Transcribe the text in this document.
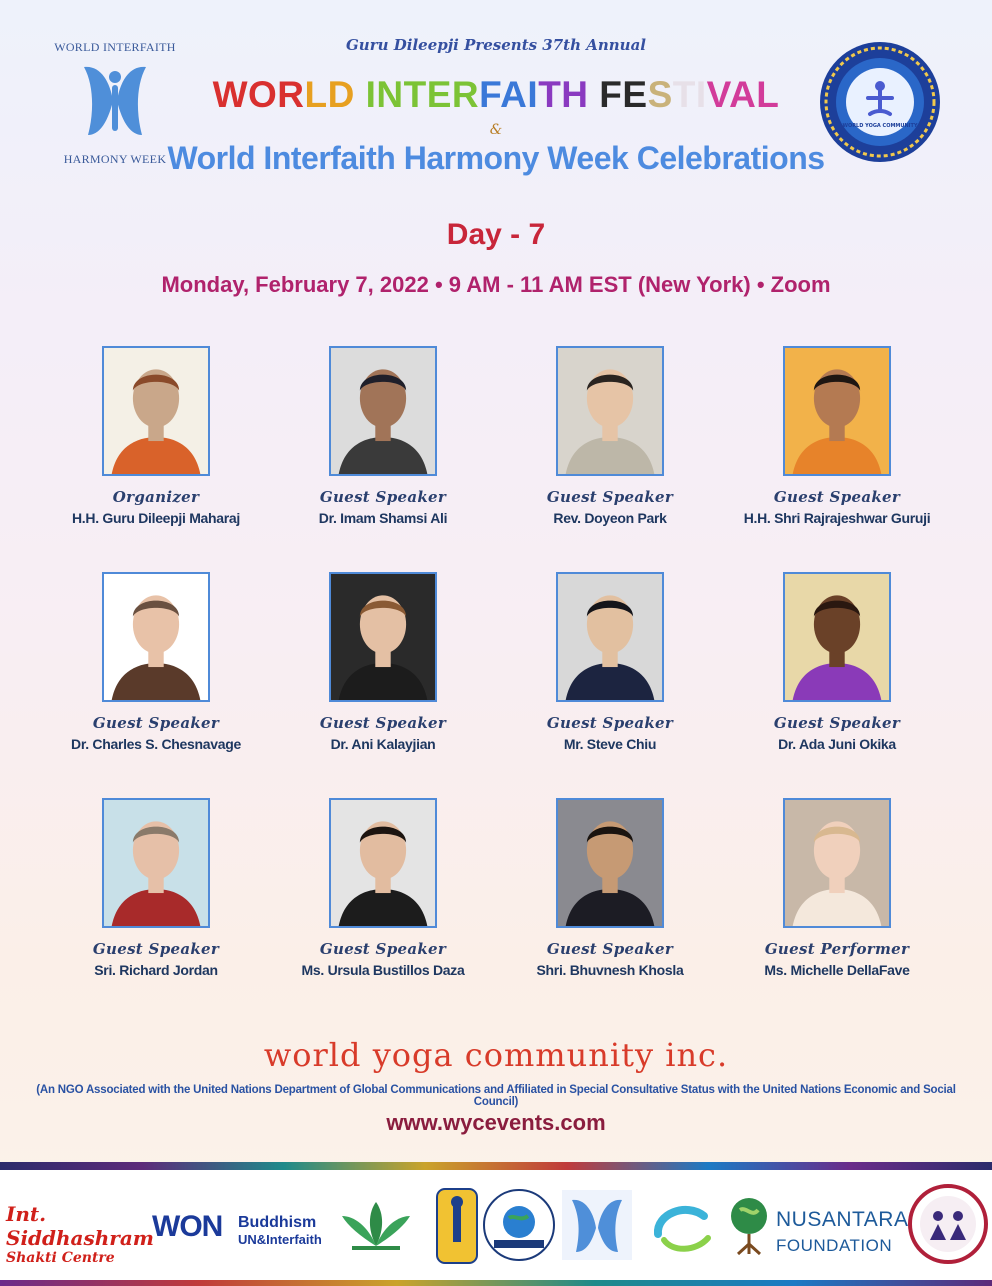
WORLD INTERFAITH
HARMONY WEEK
Guru Dileepji Presents 37th Annual
WORLD INTERFAITH FESTIVAL
&
World Interfaith Harmony Week Celebrations
WORLD YOGA COMMUNITY
Day - 7
Monday, February 7, 2022 • 9 AM - 11 AM EST (New York) • Zoom
Organizer
H.H. Guru Dileepji Maharaj
Guest Speaker
Dr. Imam Shamsi Ali
Guest Speaker
Rev. Doyeon Park
Guest Speaker
H.H. Shri Rajrajeshwar Guruji
Guest Speaker
Dr. Charles S. Chesnavage
Guest Speaker
Dr. Ani Kalayjian
Guest Speaker
Mr. Steve Chiu
Guest Speaker
Dr. Ada Juni Okika
Guest Speaker
Sri. Richard Jordan
Guest Speaker
Ms. Ursula Bustillos Daza
Guest Speaker
Shri. Bhuvnesh Khosla
Guest Performer
Ms. Michelle DellaFave
world yoga community inc.
(An NGO Associated with the United Nations Department of Global Communications and Affiliated in Special Consultative Status with the United Nations Economic and Social Council)
www.wycevents.com
Int. Siddhashram
Shakti Centre
WON Buddhism
UN&Interfaith
NUSANTARA
FOUNDATION
